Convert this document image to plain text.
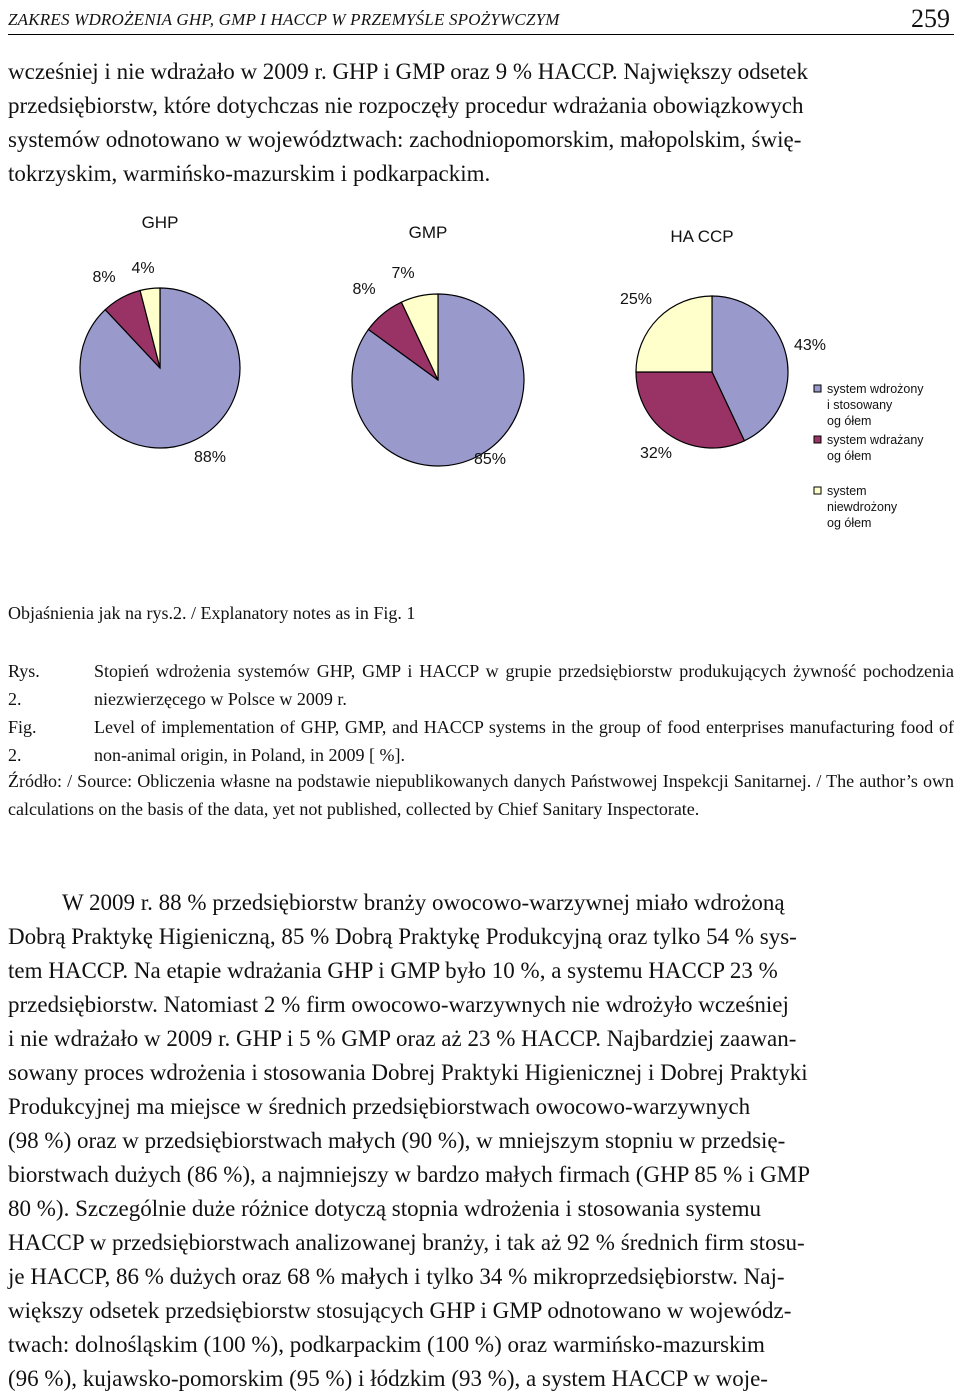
ZAKRES WDROŻENIA GHP, GMP I HACCP W PRZEMYŚLE SPOŻYWCZYM	259
wcześniej i nie wdrażało w 2009 r. GHP i GMP oraz 9 % HACCP. Największy odsetek
przedsiębiorstw, które dotychczas nie rozpoczęły procedur wdrażania obowiązkowych
systemów odnotowano w województwach: zachodniopomorskim, małopolskim, świę-
tokrzyskim, warmińsko-mazurskim i podkarpackim.
GHP
88%
8%
4%
GMP
85%
8%
7%
HA CCP
43%
32%
25%
system wdrożony
i stosowany
og ółem
system wdrażany
og ółem
system
niewdrożony
og ółem
Objaśnienia jak na rys.2. / Explanatory notes as in Fig. 1
Rys. 2.
Stopień wdrożenia systemów GHP, GMP i HACCP w grupie przedsiębiorstw produkujących żywność pochodzenia niezwierzęcego w Polsce w 2009 r.
Fig. 2.
Level of implementation of GHP, GMP, and HACCP systems in the group of food enterprises manufacturing food of non-animal origin, in Poland, in 2009 [ %].
Źródło: / Source: Obliczenia własne na podstawie niepublikowanych danych Państwowej Inspekcji Sanitarnej. / The author’s own calculations on the basis of the data, yet not published, collected by Chief Sanitary Inspectorate.
W 2009 r. 88 % przedsiębiorstw branży owocowo-warzywnej miało wdrożoną
Dobrą Praktykę Higieniczną, 85 % Dobrą Praktykę Produkcyjną oraz tylko 54 % sys-
tem HACCP. Na etapie wdrażania GHP i GMP było 10 %, a systemu HACCP 23 %
przedsiębiorstw. Natomiast 2 % firm owocowo-warzywnych nie wdrożyło wcześniej
i nie wdrażało w 2009 r. GHP i 5 % GMP oraz aż 23 % HACCP. Najbardziej zaawan-
sowany proces wdrożenia i stosowania Dobrej Praktyki Higienicznej i Dobrej Praktyki
Produkcyjnej ma miejsce w średnich przedsiębiorstwach owocowo-warzywnych
(98 %) oraz w przedsiębiorstwach małych (90 %), w mniejszym stopniu w przedsię-
biorstwach dużych (86 %), a najmniejszy w bardzo małych firmach (GHP 85 % i GMP
80 %). Szczególnie duże różnice dotyczą stopnia wdrożenia i stosowania systemu
HACCP w przedsiębiorstwach analizowanej branży, i tak aż 92 % średnich firm stosu-
je HACCP, 86 % dużych oraz 68 % małych i tylko 34 % mikroprzedsiębiorstw. Naj-
większy odsetek przedsiębiorstw stosujących GHP i GMP odnotowano w wojewódz-
twach: dolnośląskim (100 %), podkarpackim (100 %) oraz warmińsko-mazurskim
(96 %), kujawsko-pomorskim (95 %) i łódzkim (93 %), a system HACCP w woje-
